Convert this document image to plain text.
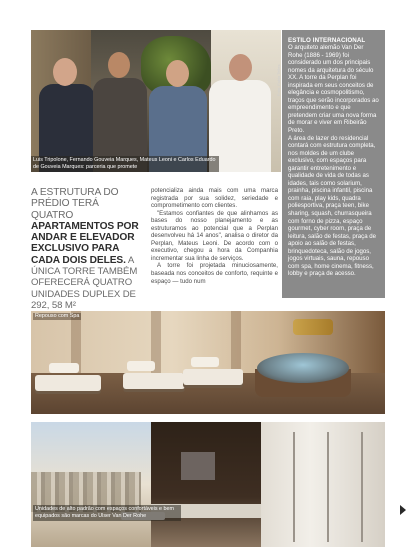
Foto: Fabio Telles
Luis Tripolone, Fernando Gouveia Marques, Mateus Leoni e Carlos Eduardo de Gouveia Marques: parceria que promete
ESTILO INTERNACIONAL

O arquiteto alemão Van Der Rohe (1886 - 1969) foi considerado um dos principais nomes da arquitetura do século XX. A torre da Perplan foi inspirada em seus conceitos de elegância e cosmopolitismo, traços que serão incorporados ao empreendimento e que pretendem criar uma nova forma de morar e viver em Ribeirão Preto.

A área de lazer do residencial contará com estrutura completa, nos moldes de um clube exclusivo, com espaços para garantir entretenimento e qualidade de vida de todas as idades, tais como solarium, prainha, piscina infantil, piscina com raia, play kids, quadra poliesportiva, praça teen, bike sharing, squash, churrasqueira com forno de pizza, espaço gourmet, cyber room, praça de leitura, salão de festas, praça de apoio ao salão de festas, brinquedoteca, salão de jogos, jogos virtuais, sauna, repouso com spa, home cinema, fitness, lobby e praça de acesso.

A ESTRUTURA DO PRÉDIO TERÁ QUATRO APARTAMENTOS POR ANDAR E ELEVADOR EXCLUSIVO PARA CADA DOIS DELES. A ÚNICA TORRE TAMBÉM OFERECERÁ QUATRO UNIDADES DUPLEX DE 292, 58 M²

potencializa ainda mais com uma marca registrada por sua solidez, seriedade e comprometimento com clientes.

"Estamos confiantes de que alinhamos as bases do nosso planejamento e as estruturamos ao potencial que a Perplan desenvolveu há 14 anos", analisa o diretor da Perplan, Mateus Leoni. De acordo com o executivo, chegou a hora da Companhia incrementar sua linha de serviços.

A torre foi projetada minuciosamente, baseada nos conceitos de conforto, requinte e espaço — tudo num

Repouso com Spa
Unidades de alto padrão com espaços confortáveis e bem equipados são marcas do Ulser Van Der Rohe
